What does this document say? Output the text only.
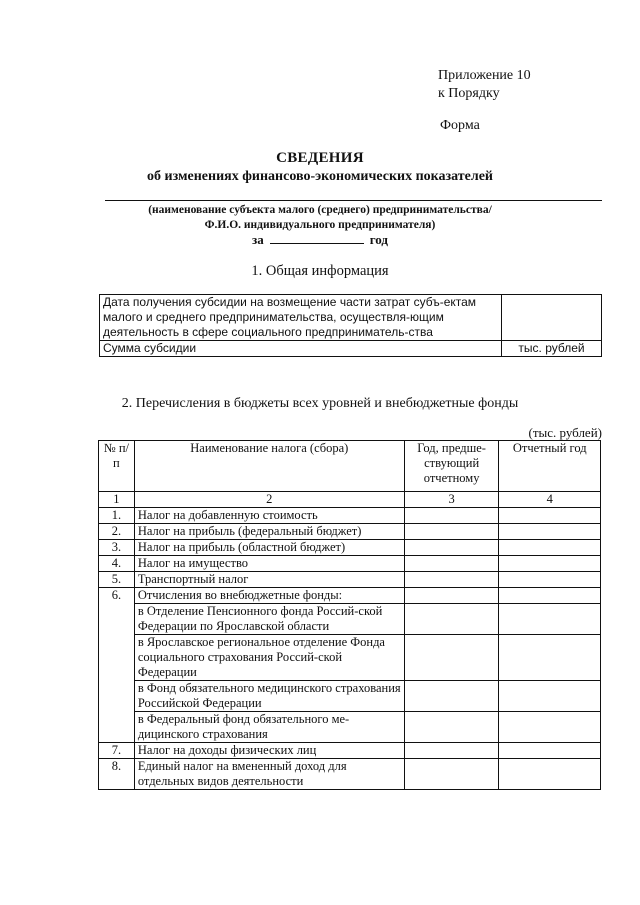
Приложение 10
к Порядку
Форма
СВЕДЕНИЯ
об изменениях финансово-экономических показателей
(наименование субъекта малого (среднего) предпринимательства/
Ф.И.О. индивидуального предпринимателя)
за	год
1. Общая информация
Дата получения субсидии на возмещение части затрат субъ-ектам малого и среднего предпринимательства, осуществля-ющим деятельность в сфере социального предприниматель-ства	
Сумма субсидии	тыс. рублей
2. Перечисления в бюджеты всех уровней и внебюджетные фонды
(тыс. рублей)
№ п/п	Наименование налога (сбора)	Год, предше-ствующий отчетному	Отчетный год
1	2	3	4
1.	Налог на добавленную стоимость		
2.	Налог на прибыль (федеральный бюджет)		
3.	Налог на прибыль (областной бюджет)		
4.	Налог на имущество		
5.	Транспортный налог		
6.	Отчисления во внебюджетные фонды:		
	в Отделение Пенсионного фонда Россий-ской Федерации по Ярославской области		
	в Ярославское региональное отделение Фонда социального страхования Россий-ской Федерации		
	в Фонд обязательного медицинского страхования Российской Федерации		
	в Федеральный фонд обязательного ме-дицинского страхования		
7.	Налог на доходы физических лиц		
8.	Единый налог на вмененный доход для отдельных видов деятельности		
